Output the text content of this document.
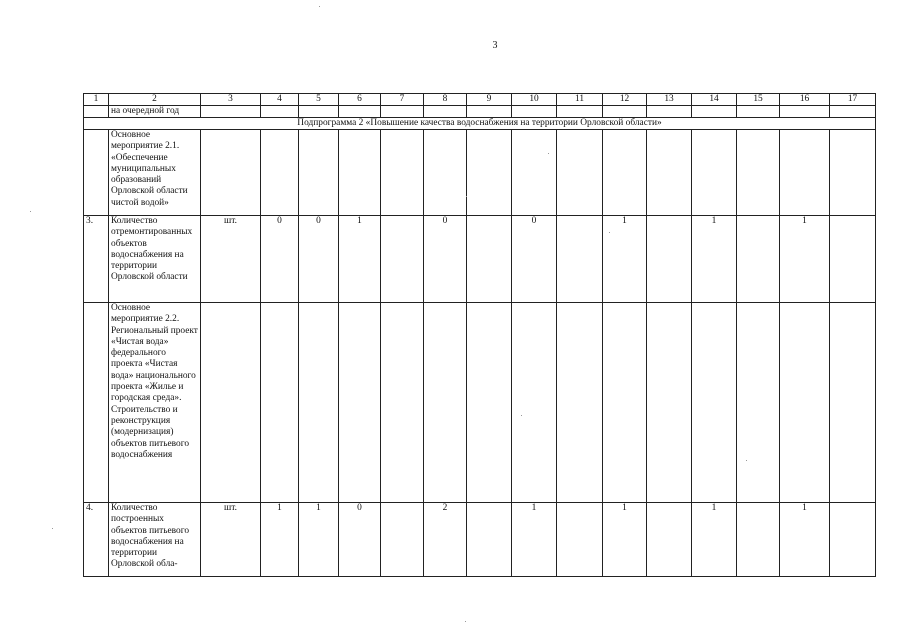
3
1	2	3	4	5	6	7	8	9	10	11	12	13	14	15	16	17
	на очередной год															
Подпрограмма 2 «Повышение качества водоснабжения на территории Орловской области»																
	Основное мероприятие 2.1. «Обеспечение муниципальных образований Орловской области чистой водой»															
3.	Количество отремонтированных объектов водоснабжения на территории Орловской области	шт.	0	0	1		0		0		1		1		1	
	Основное мероприятие 2.2. Региональный проект «Чистая вода» федерального проекта «Чистая вода» национального проекта «Жилье и городская среда». Строительство и реконструкция (модернизация) объектов питьевого водоснабжения															
4.	Количество построенных объектов питьевого водоснабжения на территории Орловской обла-	шт.	1	1	0		2		1		1		1		1	
